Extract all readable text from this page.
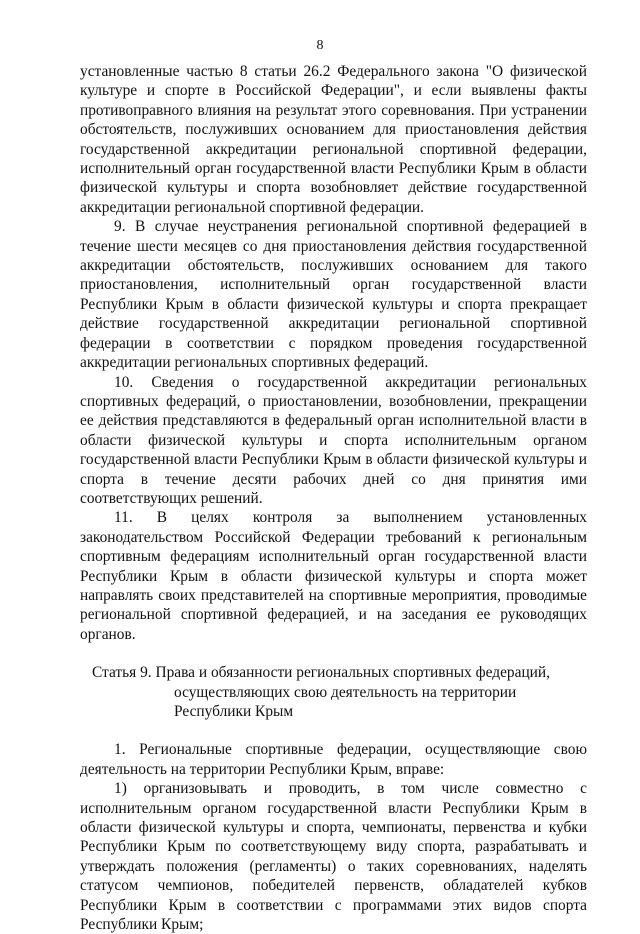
8

установленные частью 8 статьи 26.2 Федерального закона "О физической культуре и спорте в Российской Федерации", и если выявлены факты противоправного влияния на результат этого соревнования. При устранении обстоятельств, послуживших основанием для приостановления действия государственной аккредитации региональной спортивной федерации, исполнительный орган государственной власти Республики Крым в области физической культуры и спорта возобновляет действие государственной аккредитации региональной спортивной федерации.

9. В случае неустранения региональной спортивной федерацией в течение шести месяцев со дня приостановления действия государственной аккредитации обстоятельств, послуживших основанием для такого приостановления, исполнительный орган государственной власти Республики Крым в области физической культуры и спорта прекращает действие государственной аккредитации региональной спортивной федерации в соответствии с порядком проведения государственной аккредитации региональных спортивных федераций.

10. Сведения о государственной аккредитации региональных спортивных федераций, о приостановлении, возобновлении, прекращении ее действия представляются в федеральный орган исполнительной власти в области физической культуры и спорта исполнительным органом государственной власти Республики Крым в области физической культуры и спорта в течение десяти рабочих дней со дня принятия ими соответствующих решений.

11. В целях контроля за выполнением установленных законодательством Российской Федерации требований к региональным спортивным федерациям исполнительный орган государственной власти Республики Крым в области физической культуры и спорта может направлять своих представителей на спортивные мероприятия, проводимые региональной спортивной федерацией, и на заседания ее руководящих органов.

Статья 9. Права и обязанности региональных спортивных федераций,
осуществляющих свою деятельность на территории
Республики Крым

1. Региональные спортивные федерации, осуществляющие свою деятельность на территории Республики Крым, вправе:

1) организовывать и проводить, в том числе совместно с исполнительным органом государственной власти Республики Крым в области физической культуры и спорта, чемпионаты, первенства и кубки Республики Крым по соответствующему виду спорта, разрабатывать и утверждать положения (регламенты) о таких соревнованиях, наделять статусом чемпионов, победителей первенств, обладателей кубков Республики Крым в соответствии с программами этих видов спорта Республики Крым;
